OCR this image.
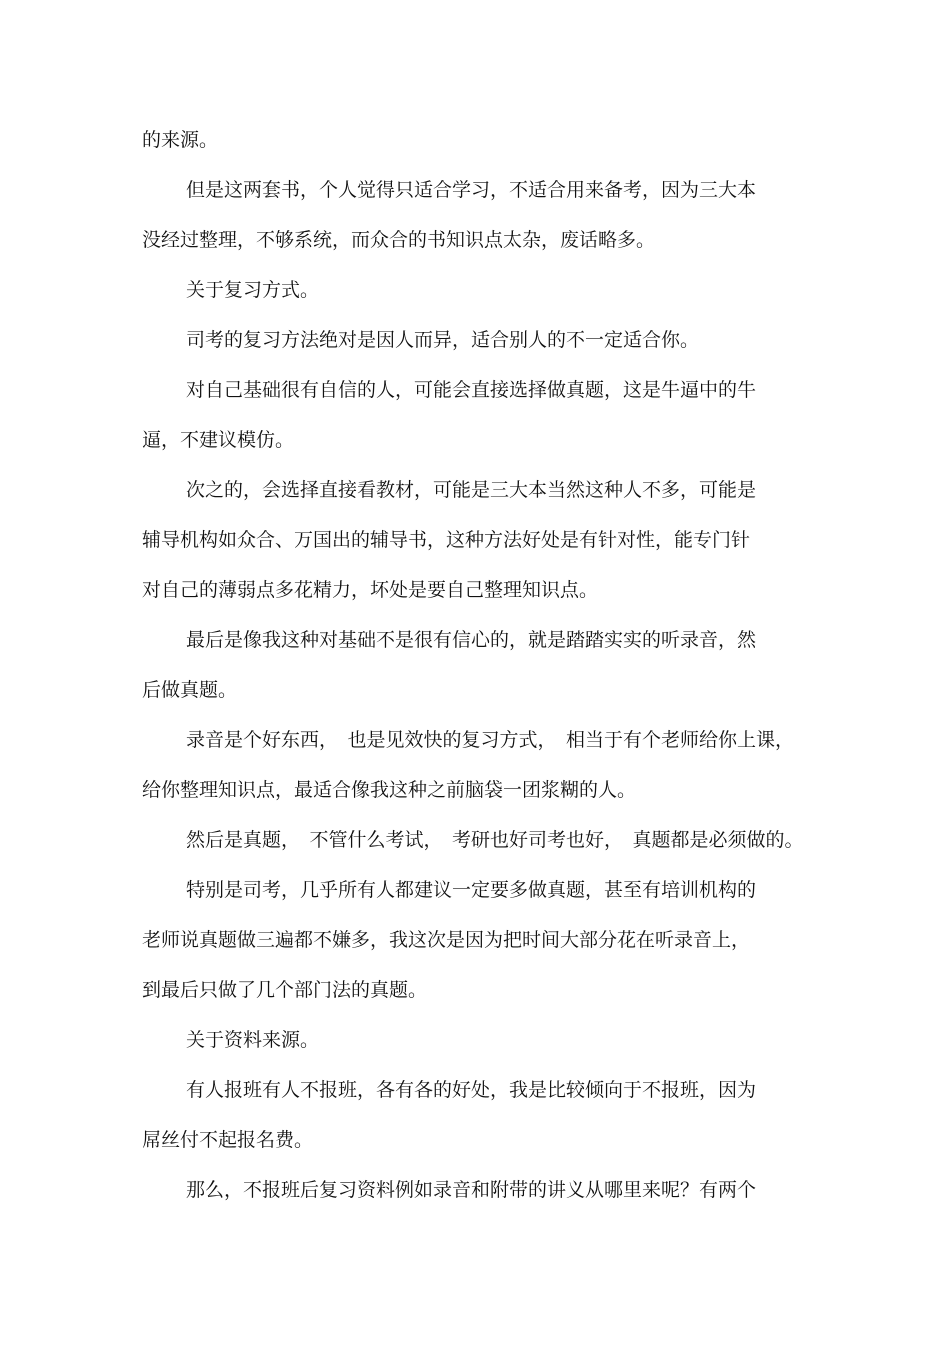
的来源。
但是这两套书，个人觉得只适合学习，不适合用来备考，因为三大本
没经过整理，不够系统，而众合的书知识点太杂，废话略多。
关于复习方式。
司考的复习方法绝对是因人而异，适合别人的不一定适合你。
对自己基础很有自信的人，可能会直接选择做真题，这是牛逼中的牛
逼，不建议模仿。
次之的，会选择直接看教材，可能是三大本当然这种人不多，可能是
辅导机构如众合、万国出的辅导书，这种方法好处是有针对性，能专门针
对自己的薄弱点多花精力，坏处是要自己整理知识点。
最后是像我这种对基础不是很有信心的，就是踏踏实实的听录音，然
后做真题。
录音是个好东西，　也是见效快的复习方式，　相当于有个老师给你上课，
给你整理知识点，最适合像我这种之前脑袋一团浆糊的人。
然后是真题，　不管什么考试，　考研也好司考也好，　真题都是必须做的。
特别是司考，几乎所有人都建议一定要多做真题，甚至有培训机构的
老师说真题做三遍都不嫌多，我这次是因为把时间大部分花在听录音上，
到最后只做了几个部门法的真题。
关于资料来源。
有人报班有人不报班，各有各的好处，我是比较倾向于不报班，因为
屌丝付不起报名费。
那么，不报班后复习资料例如录音和附带的讲义从哪里来呢？有两个
